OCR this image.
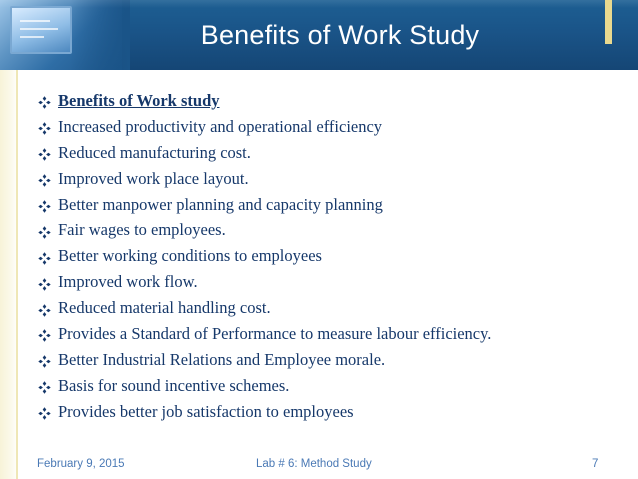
Benefits of Work Study
Benefits of Work study
Increased productivity and operational efficiency
Reduced manufacturing cost.
Improved work place layout.
Better manpower planning and capacity planning
Fair wages to employees.
Better working conditions to employees
Improved work flow.
Reduced material handling cost.
Provides a Standard of Performance to measure labour efficiency.
Better Industrial Relations and Employee morale.
Basis for sound incentive schemes.
Provides better job satisfaction to employees
February 9, 2015	Lab # 6: Method Study	7
